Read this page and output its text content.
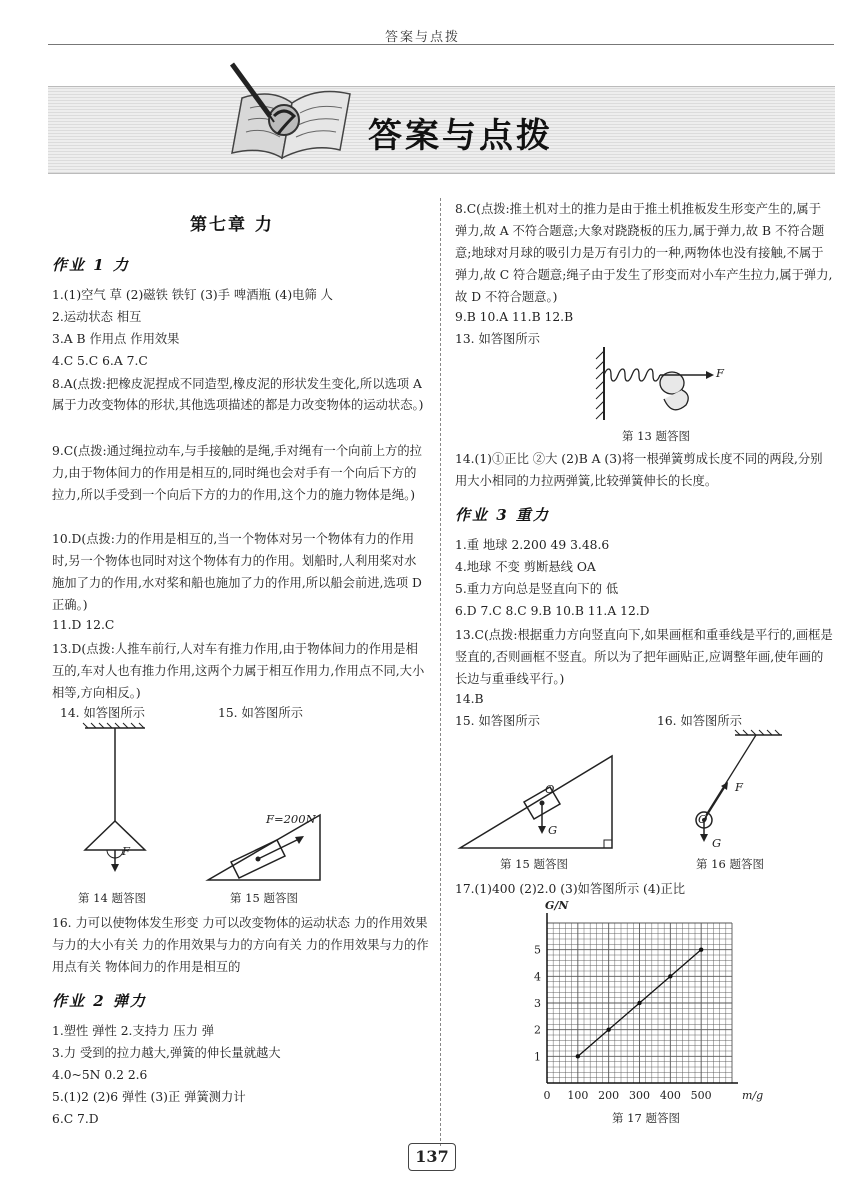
答案与点拨
答案与点拨
第七章 力
作业 1 力
1.(1)空气 草 (2)磁铁 铁钉 (3)手 啤酒瓶 (4)电筛 人
2.运动状态 相互
3.A B 作用点 作用效果
4.C 5.C 6.A 7.C
8.A(点拨:把橡皮泥捏成不同造型,橡皮泥的形状发生变化,所以选项 A 属于力改变物体的形状,其他选项描述的都是力改变物体的运动状态。)
9.C(点拨:通过绳拉动车,与手接触的是绳,手对绳有一个向前上方的拉力,由于物体间力的作用是相互的,同时绳也会对手有一个向后下方的拉力,所以手受到一个向后下方的力的作用,这个力的施力物体是绳。)
10.D(点拨:力的作用是相互的,当一个物体对另一个物体有力的作用时,另一个物体也同时对这个物体有力的作用。划船时,人利用桨对水施加了力的作用,水对桨和船也施加了力的作用,所以船会前进,选项 D 正确。)
11.D 12.C
13.D(点拨:人推车前行,人对车有推力作用,由于物体间力的作用是相互的,车对人也有推力作用,这两个力属于相互作用力,作用点不同,大小相等,方向相反。)
14. 如答图所示	15. 如答图所示
F
第 14 题答图
F=200N
第 15 题答图
16. 力可以使物体发生形变 力可以改变物体的运动状态 力的作用效果与力的大小有关 力的作用效果与力的方向有关 力的作用效果与力的作用点有关 物体间力的作用是相互的
作业 2 弹力
1.塑性 弹性 2.支持力 压力 弹
3.力 受到的拉力越大,弹簧的伸长量就越大
4.0~5N 0.2 2.6
5.(1)2 (2)6 弹性 (3)正 弹簧测力计
6.C 7.D
8.C(点拨:推土机对土的推力是由于推土机推板发生形变产生的,属于弹力,故 A 不符合题意;大象对跷跷板的压力,属于弹力,故 B 不符合题意;地球对月球的吸引力是万有引力的一种,两物体也没有接触,不属于弹力,故 C 符合题意;绳子由于发生了形变而对小车产生拉力,属于弹力,故 D 不符合题意。)
9.B 10.A 11.B 12.B
13. 如答图所示
F
第 13 题答图
14.(1)①正比 ②大 (2)B A (3)将一根弹簧剪成长度不同的两段,分别用大小相同的力拉两弹簧,比较弹簧伸长的长度。
作业 3 重力
1.重 地球 2.200 49 3.48.6
4.地球 不变 剪断悬线 OA
5.重力方向总是竖直向下的 低
6.D 7.C 8.C 9.B 10.B 11.A 12.D
13.C(点拨:根据重力方向竖直向下,如果画框和重垂线是平行的,画框是竖直的,否则画框不竖直。所以为了把年画贴正,应调整年画,使年画的长边与重垂线平行。)
14.B
15. 如答图所示	16. 如答图所示
O
G
第 15 题答图
F
O
G
第 16 题答图
17.(1)400 (2)2.0 (3)如答图所示 (4)正比
0 100 200 300 400 500
1
2
3
4
5
G/N
m/g
第 17 题答图
137
